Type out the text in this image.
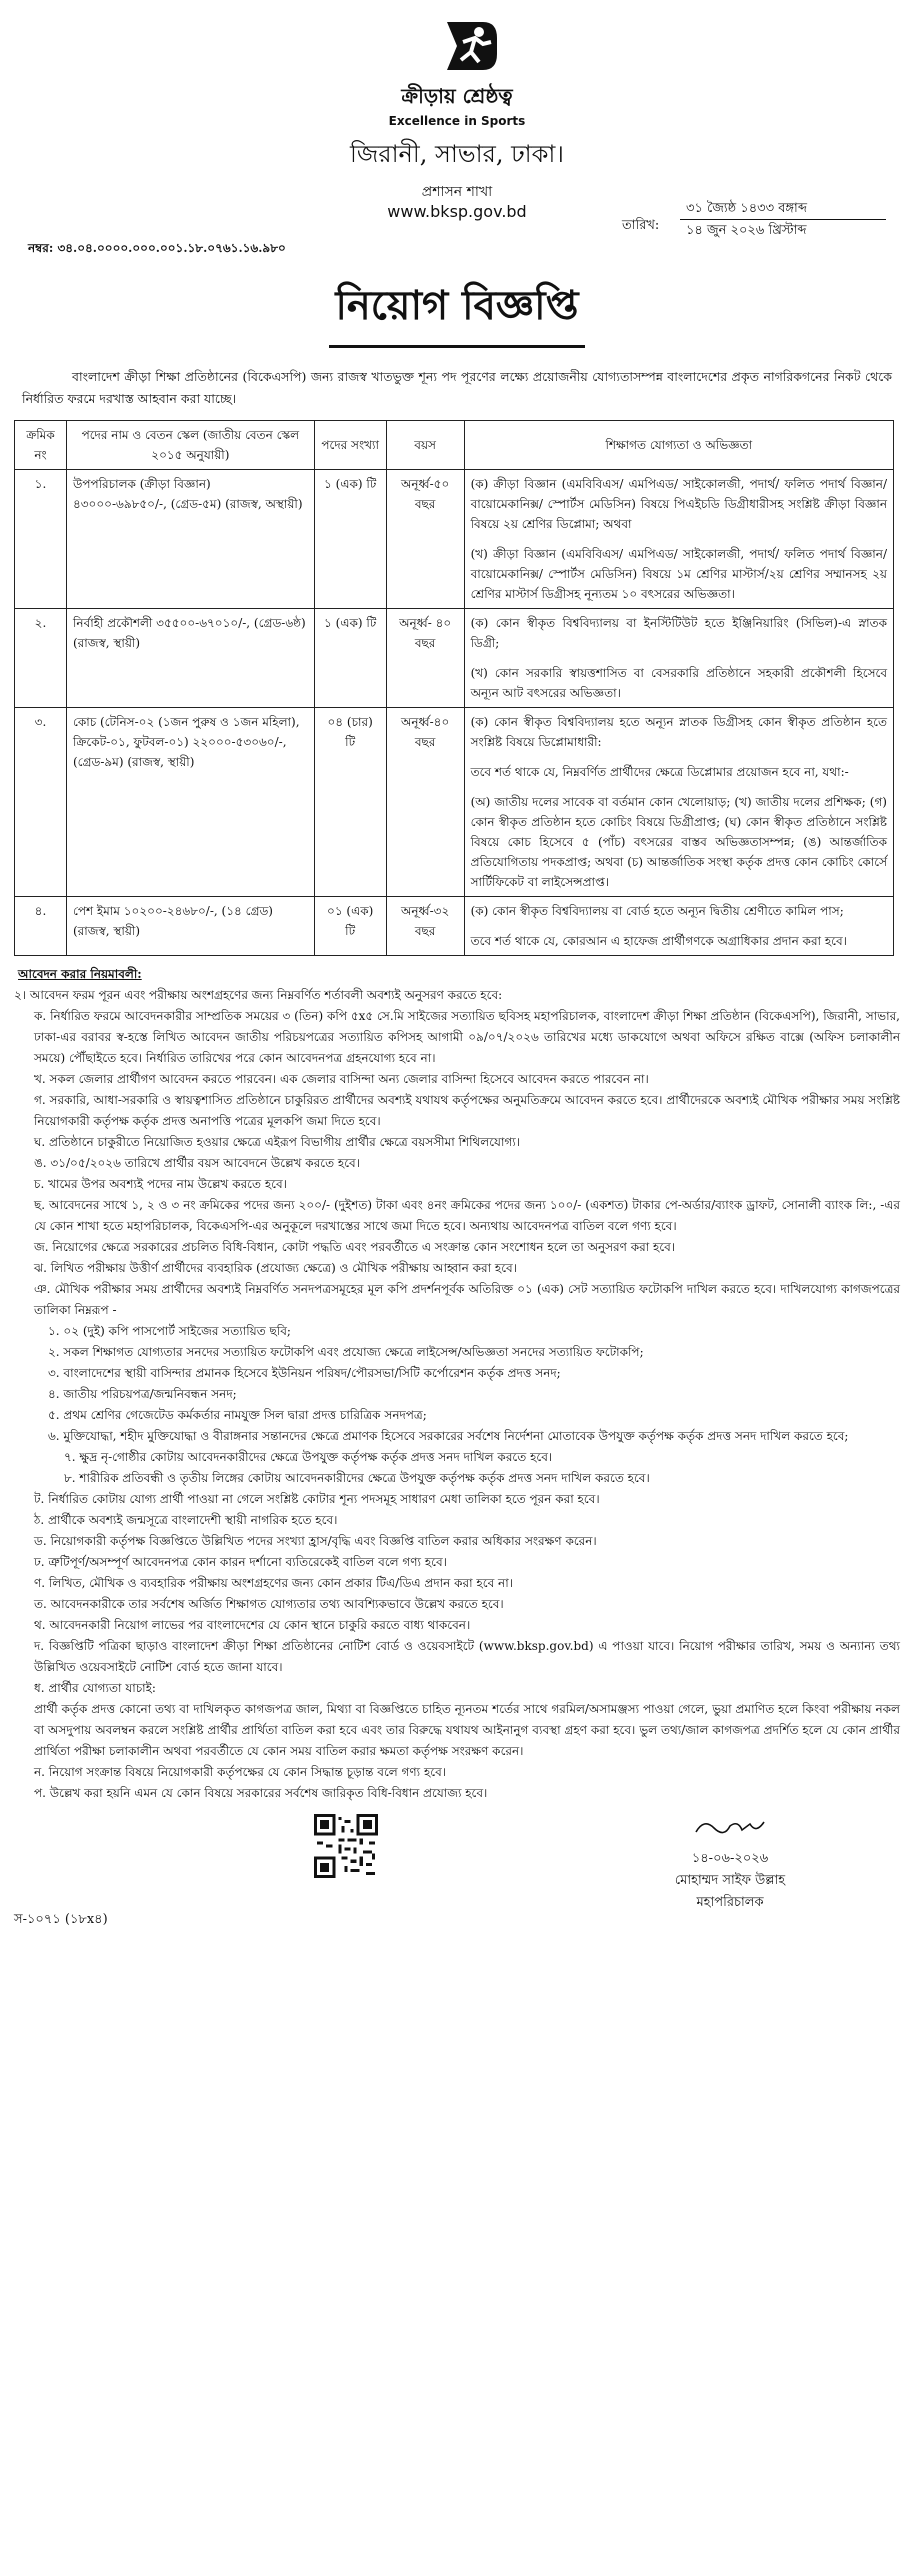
ক্রীড়ায় শ্রেষ্ঠত্ব
Excellence in Sports
জিরানী, সাভার, ঢাকা।
প্রশাসন শাখা
www.bksp.gov.bd
তারিখ:
৩১ জ্যৈষ্ঠ ১৪৩৩ বঙ্গাব্দ
১৪ জুন ২০২৬ খ্রিস্টাব্দ
নম্বর: ৩৪.০৪.০০০০.০০০.০০১.১৮.০৭৬১.১৬.৯৮০
নিয়োগ বিজ্ঞপ্তি

বাংলাদেশ ক্রীড়া শিক্ষা প্রতিষ্ঠানের (বিকেএসপি) জন্য রাজস্ব খাতভুক্ত শূন্য পদ পূরণের লক্ষ্যে প্রয়োজনীয় যোগ্যতাসম্পন্ন বাংলাদেশের প্রকৃত নাগরিকগনের নিকট থেকে নির্ধারিত ফরমে দরখাস্ত আহবান করা যাচ্ছে।

ক্রমিক নং	পদের নাম ও বেতন স্কেল (জাতীয় বেতন স্কেল ২০১৫ অনুযায়ী)	পদের সংখ্যা	বয়স	শিক্ষাগত যোগ্যতা ও অভিজ্ঞতা
১.	উপপরিচালক (ক্রীড়া বিজ্ঞান) ৪৩০০০-৬৯৮৫০/-, (গ্রেড-৫ম) (রাজস্ব, অস্থায়ী)	১ (এক) টি	অনূর্ধ্ব-৫০ বছর	(ক) ক্রীড়া বিজ্ঞান (এমবিবিএস/ এমপিএড/ সাইকোলজী, পদার্থ/ ফলিত পদার্থ বিজ্ঞান/ বায়োমেকানিক্স/ স্পোর্টস মেডিসিন) বিষয়ে পিএইচডি ডিগ্রীধারীসহ সংশ্লিষ্ট ক্রীড়া বিজ্ঞান বিষয়ে ২য় শ্রেণির ডিপ্লোমা; অথবা

(খ) ক্রীড়া বিজ্ঞান (এমবিবিএস/ এমপিএড/ সাইকোলজী, পদার্থ/ ফলিত পদার্থ বিজ্ঞান/ বায়োমেকানিক্স/ স্পোর্টস মেডিসিন) বিষয়ে ১ম শ্রেণির মাস্টার্স/২য় শ্রেণির সম্মানসহ ২য় শ্রেণির মাস্টার্স ডিগ্রীসহ নূন্যতম ১০ বৎসরের অভিজ্ঞতা।

২.	নির্বাহী প্রকৌশলী ৩৫৫০০-৬৭০১০/-, (গ্রেড-৬ষ্ঠ) (রাজস্ব, স্থায়ী)	১ (এক) টি	অনূর্ধ্ব- ৪০ বছর	(ক) কোন স্বীকৃত বিশ্ববিদ্যালয় বা ইনস্টিটিউট হতে ইঞ্জিনিয়ারিং (সিভিল)-এ স্নাতক ডিগ্রী;

(খ) কোন সরকারি স্বায়ত্তশাসিত বা বেসরকারি প্রতিষ্ঠানে সহকারী প্রকৌশলী হিসেবে অন্যূন আট বৎসরের অভিজ্ঞতা।

৩.	কোচ (টেনিস-০২ (১জন পুরুষ ও ১জন মহিলা), ক্রিকেট-০১, ফুটবল-০১) ২২০০০-৫৩০৬০/-, (গ্রেড-৯ম) (রাজস্ব, স্থায়ী)	০৪ (চার) টি	অনূর্ধ্ব-৪০ বছর	(ক) কোন স্বীকৃত বিশ্ববিদ্যালয় হতে অন্যূন স্নাতক ডিগ্রীসহ কোন স্বীকৃত প্রতিষ্ঠান হতে সংশ্লিষ্ট বিষয়ে ডিপ্লোমাধারী:

তবে শর্ত থাকে যে, নিম্নবর্ণিত প্রার্থীদের ক্ষেত্রে ডিপ্লোমার প্রয়োজন হবে না, যথা:-

(অ) জাতীয় দলের সাবেক বা বর্তমান কোন খেলোয়াড়; (খ) জাতীয় দলের প্রশিক্ষক; (গ) কোন স্বীকৃত প্রতিষ্ঠান হতে কোচিং বিষয়ে ডিগ্রীপ্রাপ্ত; (ঘ) কোন স্বীকৃত প্রতিষ্ঠানে সংশ্লিষ্ট বিষয়ে কোচ হিসেবে ৫ (পাঁচ) বৎসরের বাস্তব অভিজ্ঞতাসম্পন্ন; (ঙ) আন্তর্জাতিক প্রতিযোগিতায় পদকপ্রাপ্ত; অথবা (চ) আন্তর্জাতিক সংস্থা কর্তৃক প্রদত্ত কোন কোচিং কোর্সে সার্টিফিকেট বা লাইসেন্সপ্রাপ্ত।

৪.	পেশ ইমাম ১০২০০-২৪৬৮০/-, (১৪ গ্রেড) (রাজস্ব, স্থায়ী)	০১ (এক) টি	অনূর্ধ্ব-৩২ বছর	(ক) কোন স্বীকৃত বিশ্ববিদ্যালয় বা বোর্ড হতে অন্যূন দ্বিতীয় শ্রেণীতে কামিল পাস;

তবে শর্ত থাকে যে, কোরআন এ হাফেজ প্রার্থীগণকে অগ্রাধিকার প্রদান করা হবে।

আবেদন করার নিয়মাবলী:

২। আবেদন ফরম পূরন এবং পরীক্ষায় অংশগ্রহণের জন্য নিম্নবর্ণিত শর্তাবলী অবশ্যই অনুসরণ করতে হবে:

ক. নির্ধারিত ফরমে আবেদনকারীর সাম্প্রতিক সময়ের ৩ (তিন) কপি ৫x৫ সে.মি সাইজের সত্যায়িত ছবিসহ মহাপরিচালক, বাংলাদেশ ক্রীড়া শিক্ষা প্রতিষ্ঠান (বিকেএসপি), জিরানী, সাভার, ঢাকা-এর বরাবর স্ব-হস্তে লিখিত আবেদন জাতীয় পরিচয়পত্রের সত্যায়িত কপিসহ আগামী ০৯/০৭/২০২৬ তারিখের মধ্যে ডাকযোগে অথবা অফিসে রক্ষিত বাক্সে (অফিস চলাকালীন সময়ে) পৌঁছাইতে হবে। নির্ধারিত তারিখের পরে কোন আবেদনপত্র গ্রহনযোগ্য হবে না।

খ. সকল জেলার প্রার্থীগণ আবেদন করতে পারবেন। এক জেলার বাসিন্দা অন্য জেলার বাসিন্দা হিসেবে আবেদন করতে পারবেন না।

গ. সরকারি, আধা-সরকারি ও স্বায়ত্বশাসিত প্রতিষ্ঠানে চাকুরিরত প্রার্থীদের অবশ্যই যথাযথ কর্তৃপক্ষের অনুমতিক্রমে আবেদন করতে হবে। প্রার্থীদেরকে অবশ্যই মৌখিক পরীক্ষার সময় সংশ্লিষ্ট নিয়োগকারী কর্তৃপক্ষ কর্তৃক প্রদত্ত অনাপত্তি পত্রের মূলকপি জমা দিতে হবে।

ঘ. প্রতিষ্ঠানে চাকুরীতে নিয়োজিত হওয়ার ক্ষেত্রে এইরূপ বিভাগীয় প্রার্থীর ক্ষেত্রে বয়সসীমা শিথিলযোগ্য।

ঙ. ৩১/০৫/২০২৬ তারিখে প্রার্থীর বয়স আবেদনে উল্লেখ করতে হবে।

চ. খামের উপর অবশ্যই পদের নাম উল্লেখ করতে হবে।

ছ. আবেদনের সাথে ১, ২ ও ৩ নং ক্রমিকের পদের জন্য ২০০/- (দুইশত) টাকা এবং ৪নং ক্রমিকের পদের জন্য ১০০/- (একশত) টাকার পে-অর্ডার/ব্যাংক ড্রাফট, সোনালী ব্যাংক লি:, -এর যে কোন শাখা হতে মহাপরিচালক, বিকেএসপি-এর অনুকূলে দরখাস্তের সাথে জমা দিতে হবে। অন্যথায় আবেদনপত্র বাতিল বলে গণ্য হবে।

জ. নিয়োগের ক্ষেত্রে সরকারের প্রচলিত বিধি-বিধান, কোটা পদ্ধতি এবং পরবর্তীতে এ সংক্রান্ত কোন সংশোধন হলে তা অনুসরণ করা হবে।

ঝ. লিখিত পরীক্ষায় উত্তীর্ণ প্রার্থীদের ব্যবহারিক (প্রযোজ্য ক্ষেত্রে) ও মৌখিক পরীক্ষায় আহ্বান করা হবে।

ঞ. মৌখিক পরীক্ষার সময় প্রার্থীদের অবশ্যই নিম্নবর্ণিত সনদপত্রসমূহের মূল কপি প্রদর্শনপূর্বক অতিরিক্ত ০১ (এক) সেট সত্যায়িত ফটোকপি দাখিল করতে হবে। দাখিলযোগ্য কাগজপত্রের তালিকা নিম্নরূপ -

১. ০২ (দুই) কপি পাসপোর্ট সাইজের সত্যায়িত ছবি;

২. সকল শিক্ষাগত যোগ্যতার সনদের সত্যায়িত ফটোকপি এবং প্রযোজ্য ক্ষেত্রে লাইসেন্স/অভিজ্ঞতা সনদের সত্যায়িত ফটোকপি;

৩. বাংলাদেশের স্থায়ী বাসিন্দার প্রমানক হিসেবে ইউনিয়ন পরিষদ/পৌরসভা/সিটি কর্পোরেশন কর্তৃক প্রদত্ত সনদ;

৪. জাতীয় পরিচয়পত্র/জন্মনিবন্ধন সনদ;

৫. প্রথম শ্রেণির গেজেটেড কর্মকর্তার নামযুক্ত সিল দ্বারা প্রদত্ত চারিত্রিক সনদপত্র;

৬. মুক্তিযোদ্ধা, শহীদ মুক্তিযোদ্ধা ও বীরাঙ্গনার সন্তানদের ক্ষেত্রে প্রমাণক হিসেবে সরকারের সর্বশেষ নির্দেশনা মোতাবেক উপযুক্ত কর্তৃপক্ষ কর্তৃক প্রদত্ত সনদ দাখিল করতে হবে;

৭. ক্ষুদ্র নৃ-গোষ্ঠীর কোটায় আবেদনকারীদের ক্ষেত্রে উপযুক্ত কর্তৃপক্ষ কর্তৃক প্রদত্ত সনদ দাখিল করতে হবে।

৮. শারীরিক প্রতিবন্ধী ও তৃতীয় লিঙ্গের কোটায় আবেদনকারীদের ক্ষেত্রে উপযুক্ত কর্তৃপক্ষ কর্তৃক প্রদত্ত সনদ দাখিল করতে হবে।

ট. নির্ধারিত কোটায় যোগ্য প্রার্থী পাওয়া না গেলে সংশ্লিষ্ট কোটার শূন্য পদসমূহ সাধারণ মেধা তালিকা হতে পূরন করা হবে।

ঠ. প্রার্থীকে অবশ্যই জন্মসূত্রে বাংলাদেশী স্থায়ী নাগরিক হতে হবে।

ড. নিয়োগকারী কর্তৃপক্ষ বিজ্ঞপ্তিতে উল্লিখিত পদের সংখ্যা হ্রাস/বৃদ্ধি এবং বিজ্ঞপ্তি বাতিল করার অধিকার সংরক্ষণ করেন।

ঢ. ত্রুটিপূর্ণ/অসম্পূর্ণ আবেদনপত্র কোন কারন দর্শানো ব্যতিরেকেই বাতিল বলে গণ্য হবে।

ণ. লিখিত, মৌখিক ও ব্যবহারিক পরীক্ষায় অংশগ্রহণের জন্য কোন প্রকার টিএ/ডিএ প্রদান করা হবে না।

ত. আবেদনকারীকে তার সর্বশেষ অর্জিত শিক্ষাগত যোগ্যতার তথ্য আবশ্যিকভাবে উল্লেখ করতে হবে।

থ. আবেদনকারী নিয়োগ লাভের পর বাংলাদেশের যে কোন স্থানে চাকুরি করতে বাধ্য থাকবেন।

দ. বিজ্ঞপ্তিটি পত্রিকা ছাড়াও বাংলাদেশ ক্রীড়া শিক্ষা প্রতিষ্ঠানের নোটিশ বোর্ড ও ওয়েবসাইটে (www.bksp.gov.bd) এ পাওয়া যাবে। নিয়োগ পরীক্ষার তারিখ, সময় ও অন্যান্য তথ্য উল্লিখিত ওয়েবসাইটে নোটিশ বোর্ড হতে জানা যাবে।

ধ. প্রার্থীর যোগ্যতা যাচাই:

প্রার্থী কর্তৃক প্রদত্ত কোনো তথ্য বা দাখিলকৃত কাগজপত্র জাল, মিথ্যা বা বিজ্ঞপ্তিতে চাহিত ন্যূনতম শর্তের সাথে গরমিল/অসামঞ্জস্য পাওয়া গেলে, ভুয়া প্রমাণিত হলে কিংবা পরীক্ষায় নকল বা অসদুপায় অবলম্বন করলে সংশ্লিষ্ট প্রার্থীর প্রার্থিতা বাতিল করা হবে এবং তার বিরুদ্ধে যথাযথ আইনানুগ ব্যবস্থা গ্রহণ করা হবে। ভুল তথ্য/জাল কাগজপত্র প্রদর্শিত হলে যে কোন প্রার্থীর প্রার্থিতা পরীক্ষা চলাকালীন অথবা পরবর্তীতে যে কোন সময় বাতিল করার ক্ষমতা কর্তৃপক্ষ সংরক্ষণ করেন।

ন. নিয়োগ সংক্রান্ত বিষয়ে নিয়োগকারী কর্তৃপক্ষের যে কোন সিদ্ধান্ত চূড়ান্ত বলে গণ্য হবে।

প. উল্লেখ করা হয়নি এমন যে কোন বিষয়ে সরকারের সর্বশেষ জারিকৃত বিধি-বিধান প্রযোজ্য হবে।

১৪-০৬-২০২৬
মোহাম্মদ সাইফ উল্লাহ
মহাপরিচালক
স-১০৭১ (১৮x৪)
